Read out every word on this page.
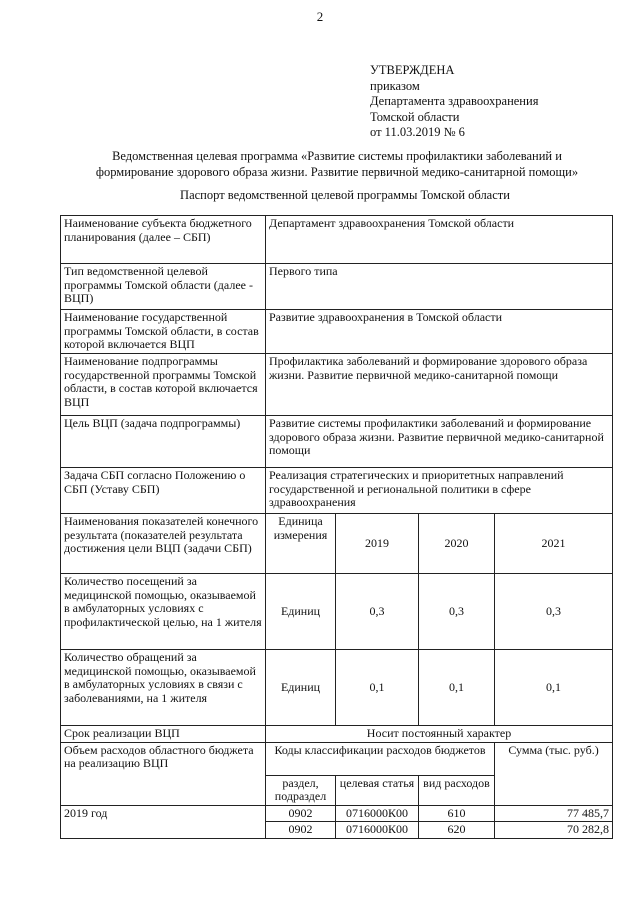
2
УТВЕРЖДЕНА
приказом
Департамента здравоохранения
Томской области
от 11.03.2019 № 6
Ведомственная целевая программа «Развитие системы профилактики заболеваний и
формирование здорового образа жизни. Развитие первичной медико-санитарной помощи»
Паспорт ведомственной целевой программы Томской области
Наименование субъекта бюджетного планирования (далее – СБП)	Департамент здравоохранения Томской области			
Тип ведомственной целевой программы Томской области (далее - ВЦП)	Первого типа			
Наименование государственной программы Томской области, в состав которой включается ВЦП	Развитие здравоохранения в Томской области			
Наименование подпрограммы государственной программы Томской области, в состав которой включается ВЦП	Профилактика заболеваний и формирование здорового образа жизни. Развитие первичной медико-санитарной помощи			
Цель ВЦП (задача подпрограммы)	Развитие системы профилактики заболеваний и формирование здорового образа жизни. Развитие первичной медико-санитарной помощи			
Задача СБП согласно Положению о СБП (Уставу СБП)	Реализация стратегических и приоритетных направлений государственной и региональной политики в сфере здравоохранения			
Наименования показателей конечного результата (показателей результата достижения цели ВЦП (задачи СБП)	Единица измерения	2019	2020	2021
Количество посещений за медицинской помощью, оказываемой в амбулаторных условиях с профилактической целью, на 1 жителя	Единиц	0,3	0,3	0,3
Количество обращений за медицинской помощью, оказываемой в амбулаторных условиях в связи с заболеваниями, на 1 жителя	Единиц	0,1	0,1	0,1
Срок реализации ВЦП	Носит постоянный характер			

Объем расходов областного бюджета
на реализацию ВЦП	Коды классификации расходов бюджетов			Сумма (тыс. руб.)
	раздел, подраздел	целевая статья	вид расходов	
2019 год	0902	0716000К00	610	77 485,7
	0902	0716000К00	620	70 282,8
